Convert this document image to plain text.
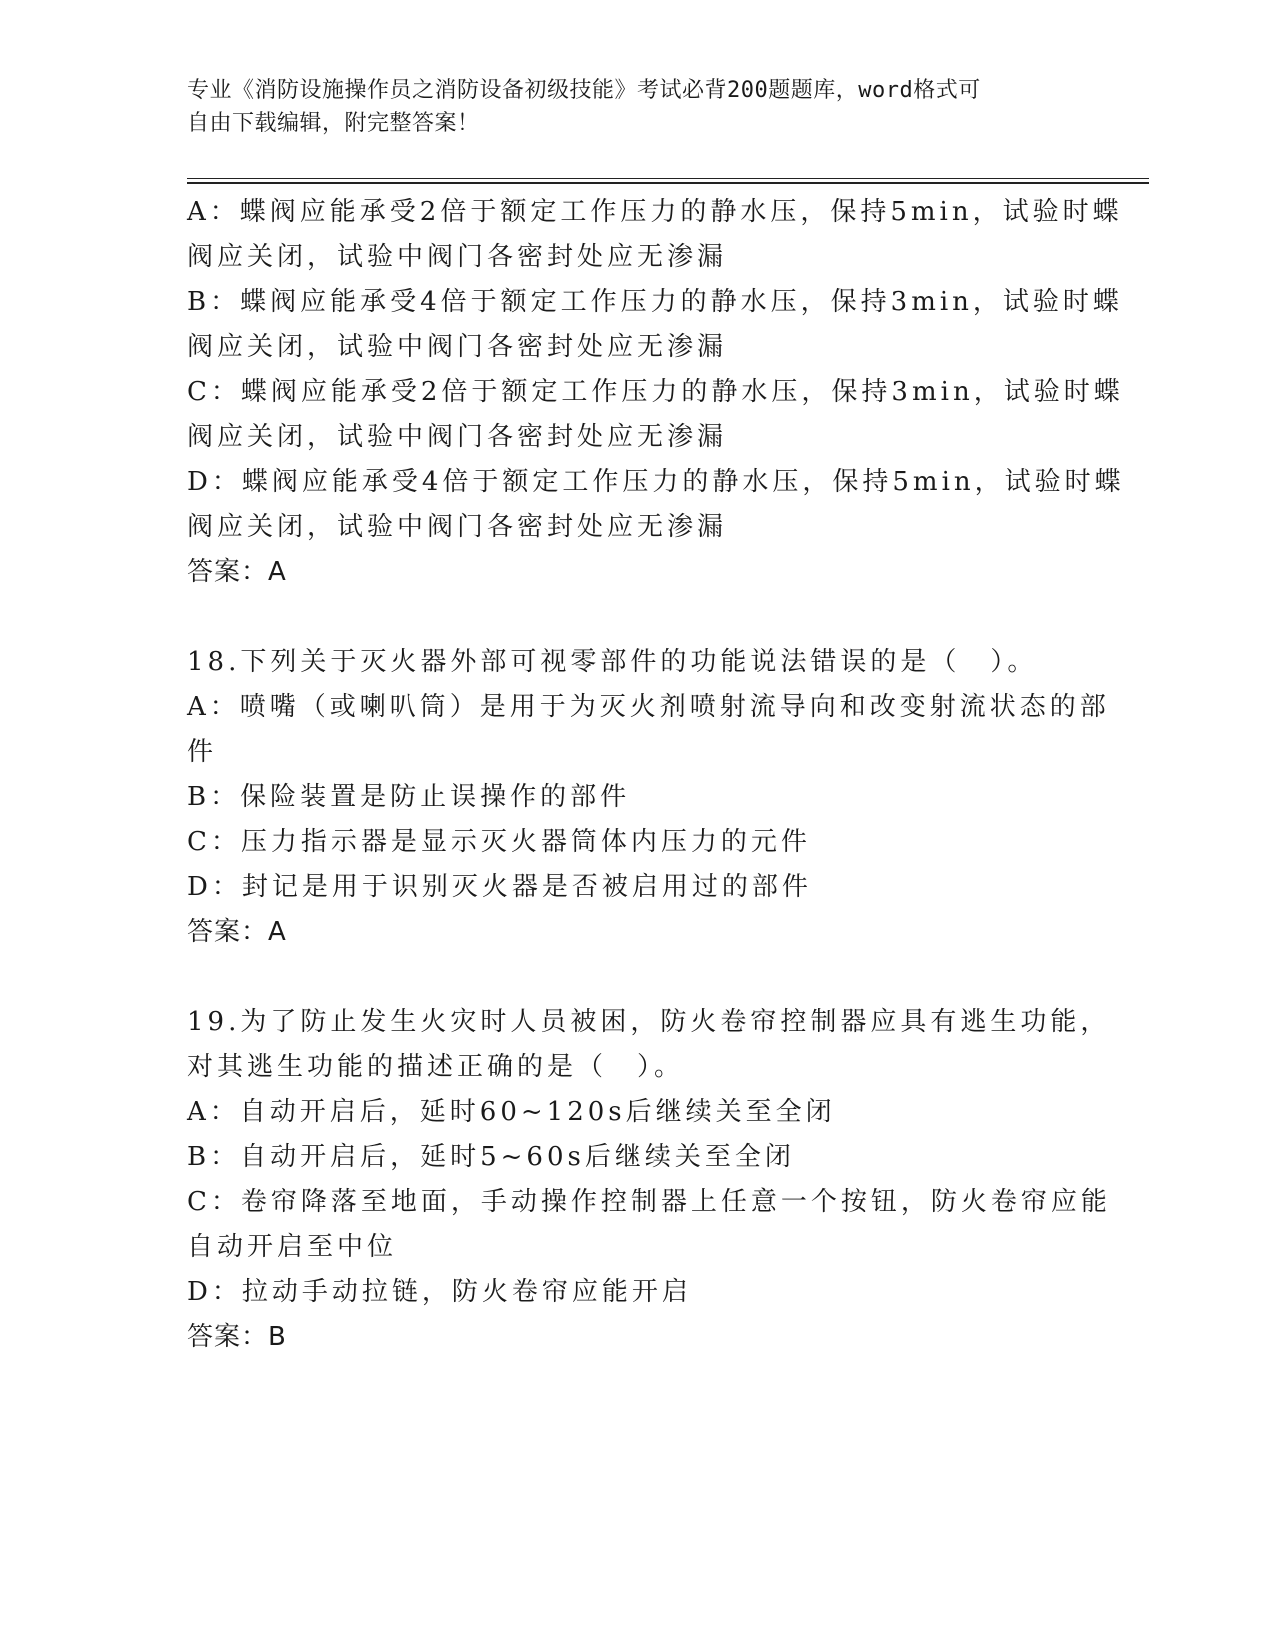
专业《消防设施操作员之消防设备初级技能》考试必背200题题库，word格式可
自由下载编辑，附完整答案！
A：蝶阀应能承受2倍于额定工作压力的静水压，保持5min，试验时蝶
阀应关闭，试验中阀门各密封处应无渗漏
B：蝶阀应能承受4倍于额定工作压力的静水压，保持3min，试验时蝶
阀应关闭，试验中阀门各密封处应无渗漏
C：蝶阀应能承受2倍于额定工作压力的静水压，保持3min，试验时蝶
阀应关闭，试验中阀门各密封处应无渗漏
D：蝶阀应能承受4倍于额定工作压力的静水压，保持5min，试验时蝶
阀应关闭，试验中阀门各密封处应无渗漏
答案：A
18.下列关于灭火器外部可视零部件的功能说法错误的是（　）。
A：喷嘴（或喇叭筒）是用于为灭火剂喷射流导向和改变射流状态的部
件
B：保险装置是防止误操作的部件
C：压力指示器是显示灭火器筒体内压力的元件
D：封记是用于识别灭火器是否被启用过的部件
答案：A
19.为了防止发生火灾时人员被困，防火卷帘控制器应具有逃生功能，
对其逃生功能的描述正确的是（　）。
A：自动开启后，延时60~120s后继续关至全闭
B：自动开启后，延时5~60s后继续关至全闭
C：卷帘降落至地面，手动操作控制器上任意一个按钮，防火卷帘应能
自动开启至中位
D：拉动手动拉链，防火卷帘应能开启
答案：B
